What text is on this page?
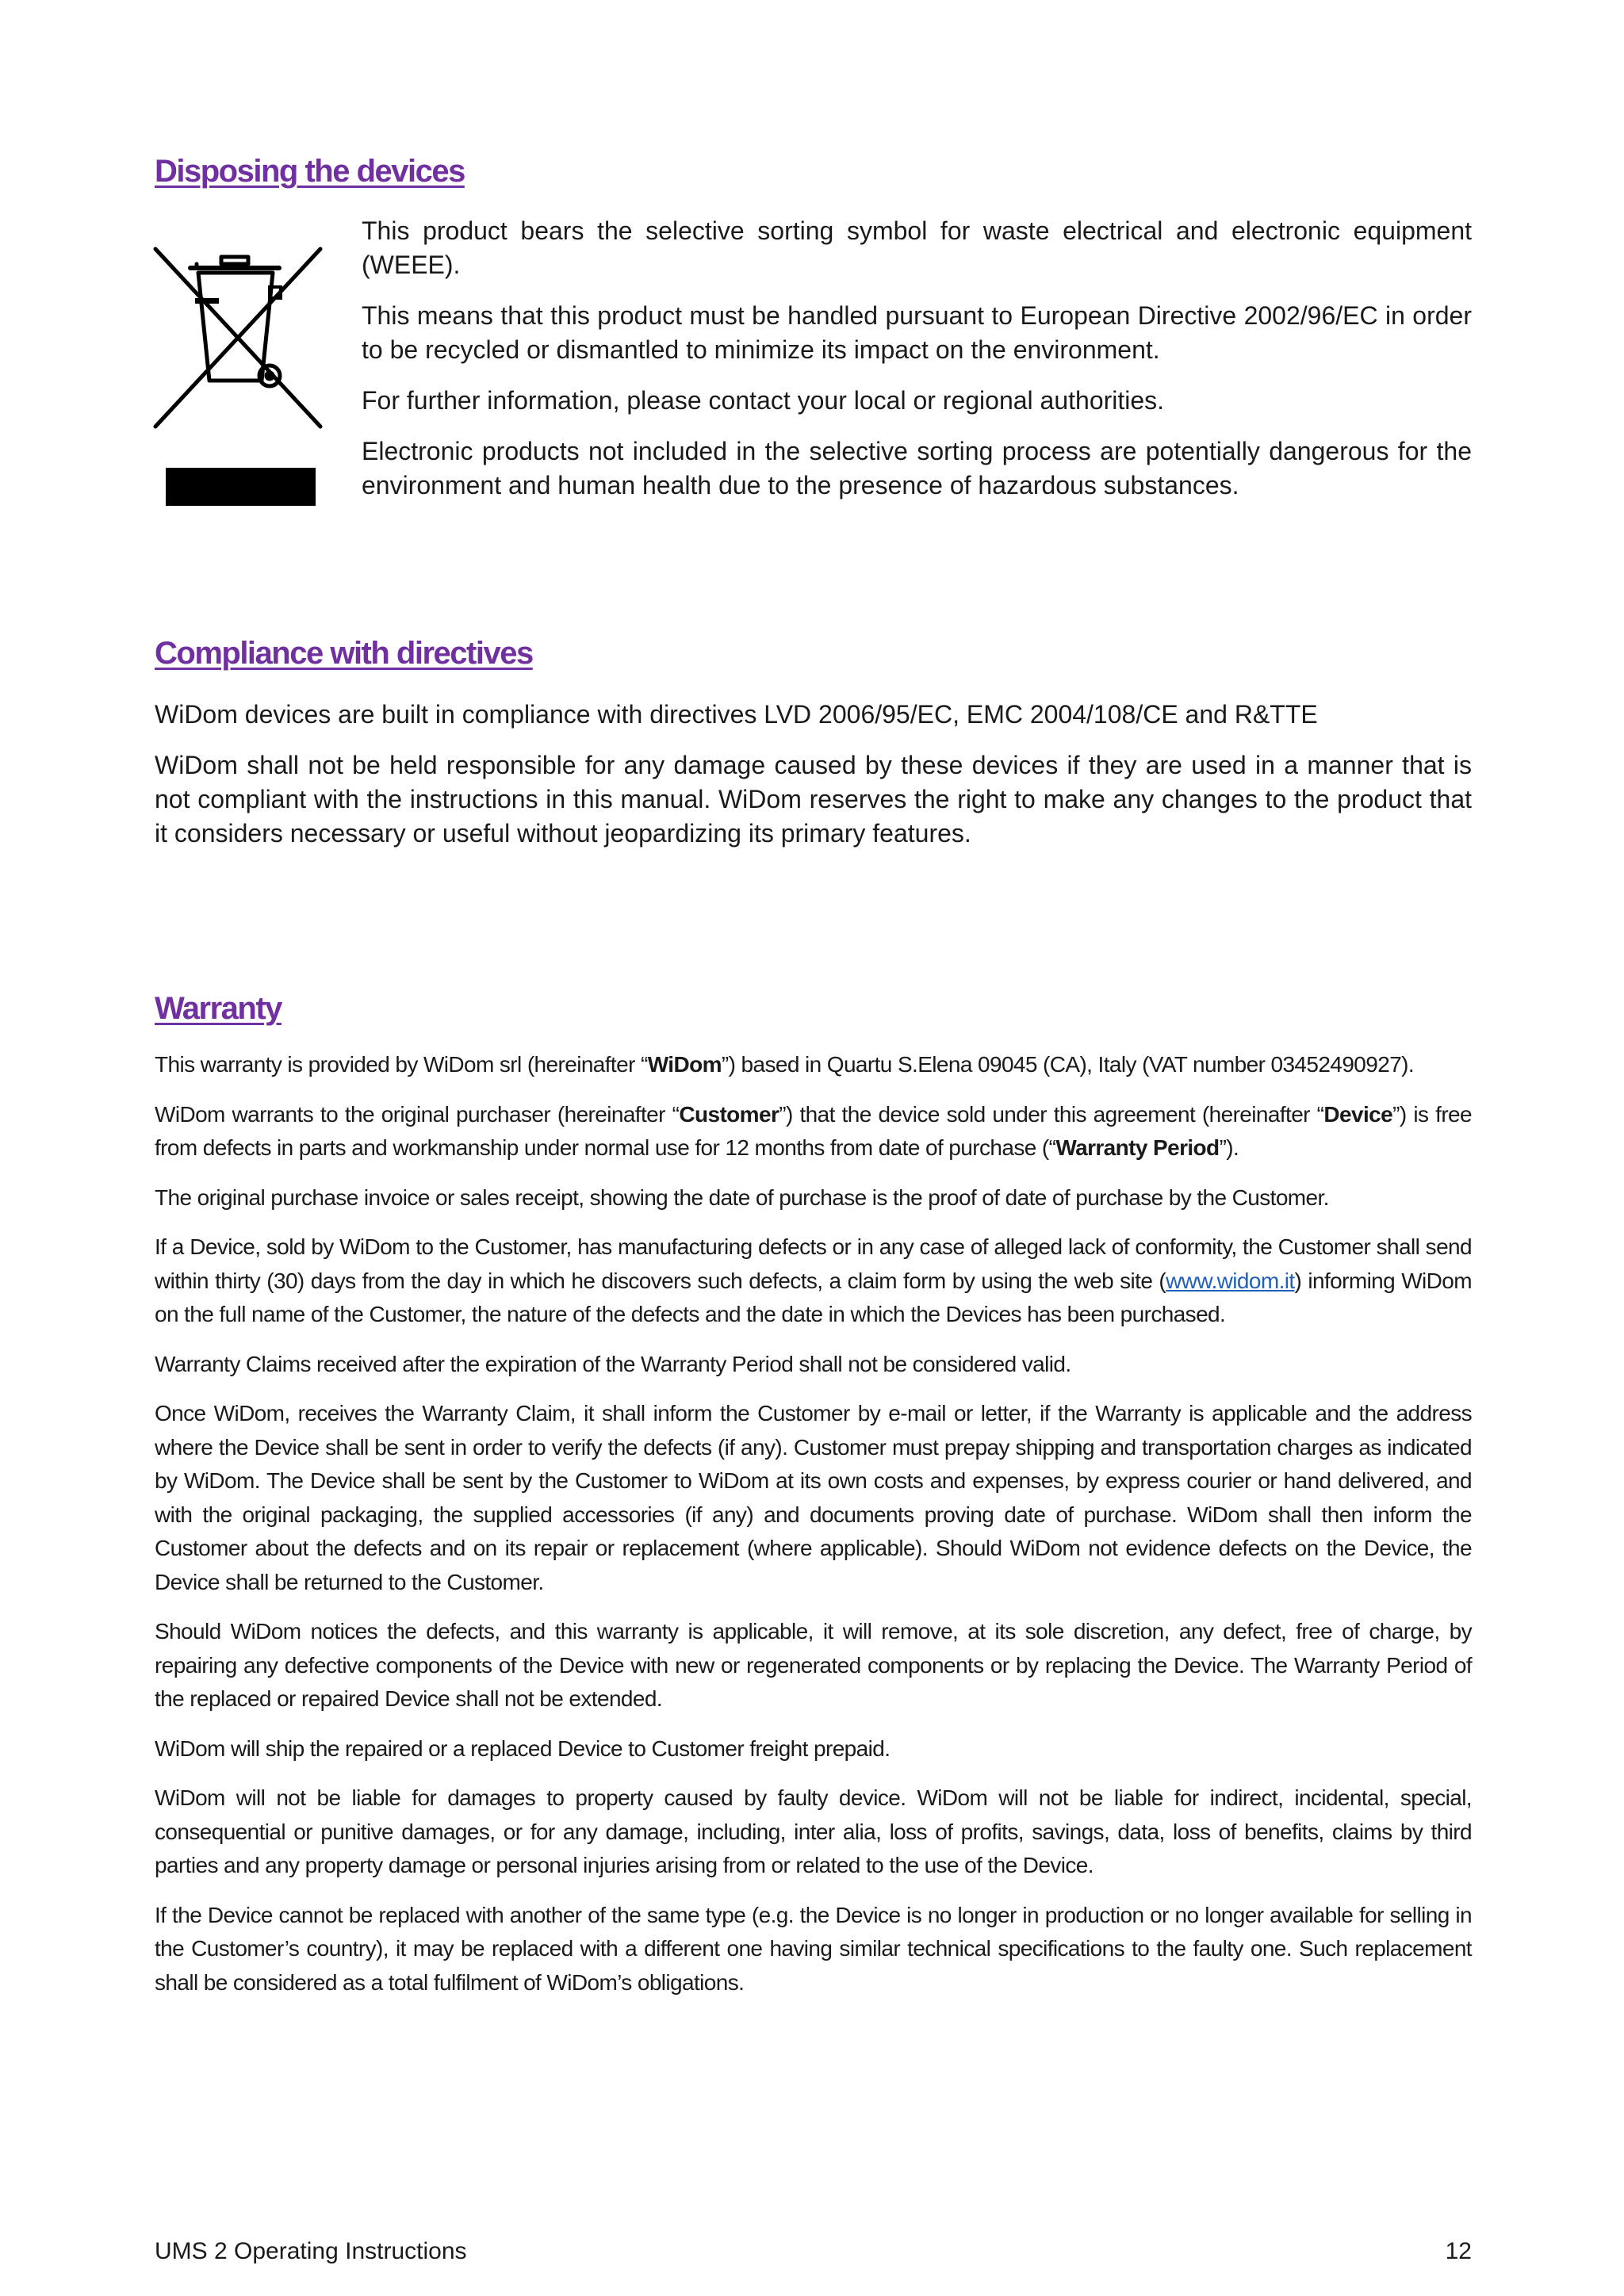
Disposing the devices

This product bears the selective sorting symbol for waste electrical and electronic equipment (WEEE).

This means that this product must be handled pursuant to European Directive 2002/96/EC in order to be recycled or dismantled to minimize its impact on the environment.

For further information, please contact your local or regional authorities.

Electronic products not included in the selective sorting process are potentially dangerous for the environment and human health due to the presence of hazardous substances.

Compliance with directives

WiDom devices are built in compliance with directives LVD 2006/95/EC, EMC 2004/108/CE and R&TTE

WiDom shall not be held responsible for any damage caused by these devices if they are used in a manner that is not compliant with the instructions in this manual. WiDom reserves the right to make any changes to the product that it considers necessary or useful without jeopardizing its primary features.

Warranty

This warranty is provided by WiDom srl (hereinafter “WiDom”) based in Quartu S.Elena 09045 (CA), Italy (VAT number 03452490927).

WiDom warrants to the original purchaser (hereinafter “Customer”) that the device sold under this agreement (hereinafter “Device”) is free from defects in parts and workmanship under normal use for 12 months from date of purchase (“Warranty Period”).

The original purchase invoice or sales receipt, showing the date of purchase is the proof of date of purchase by the Customer.

If a Device, sold by WiDom to the Customer, has manufacturing defects or in any case of alleged lack of conformity, the Customer shall send within thirty (30) days from the day in which he discovers such defects, a claim form by using the web site (www.widom.it) informing WiDom on the full name of the Customer, the nature of the defects and the date in which the Devices has been purchased.

Warranty Claims received after the expiration of the Warranty Period shall not be considered valid.

Once WiDom, receives the Warranty Claim, it shall inform the Customer by e-mail or letter, if the Warranty is applicable and the address where the Device shall be sent in order to verify the defects (if any). Customer must prepay shipping and transportation charges as indicated by WiDom. The Device shall be sent by the Customer to WiDom at its own costs and expenses, by express courier or hand delivered, and with the original packaging, the supplied accessories (if any) and documents proving date of purchase. WiDom shall then inform the Customer about the defects and on its repair or replacement (where applicable). Should WiDom not evidence defects on the Device, the Device shall be returned to the Customer.

Should WiDom notices the defects, and this warranty is applicable, it will remove, at its sole discretion, any defect, free of charge, by repairing any defective components of the Device with new or regenerated components or by replacing the Device. The Warranty Period of the replaced or repaired Device shall not be extended.

WiDom will ship the repaired or a replaced Device to Customer freight prepaid.

WiDom will not be liable for damages to property caused by faulty device. WiDom will not be liable for indirect, incidental, special, consequential or punitive damages, or for any damage, including, inter alia, loss of profits, savings, data, loss of benefits, claims by third parties and any property damage or personal injuries arising from or related to the use of the Device.

If the Device cannot be replaced with another of the same type (e.g. the Device is no longer in production or no longer available for selling in the Customer’s country), it may be replaced with a different one having similar technical specifications to the faulty one. Such replacement shall be considered as a total fulfilment of WiDom’s obligations.

UMS 2 Operating Instructions	12
